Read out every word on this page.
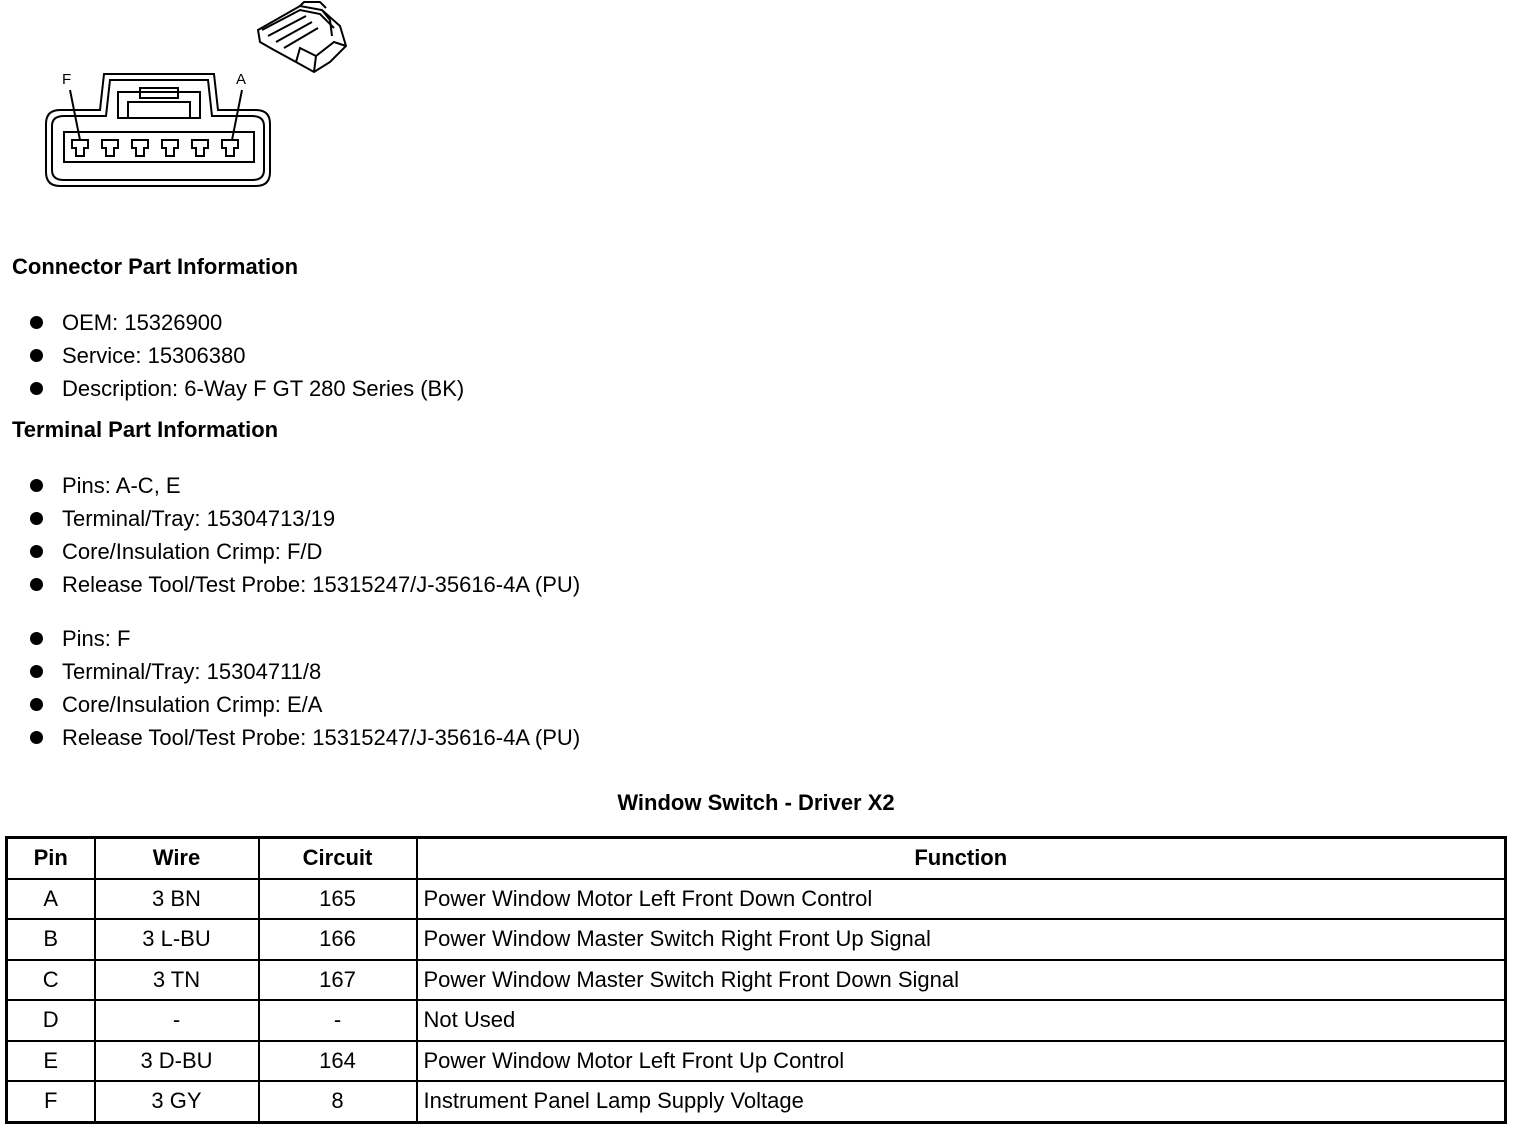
F	A
Connector Part Information
OEM: 15326900
Service: 15306380
Description: 6-Way F GT 280 Series (BK)
Terminal Part Information
Pins: A-C, E
Terminal/Tray: 15304713/19
Core/Insulation Crimp: F/D
Release Tool/Test Probe: 15315247/J-35616-4A (PU)
Pins: F
Terminal/Tray: 15304711/8
Core/Insulation Crimp: E/A
Release Tool/Test Probe: 15315247/J-35616-4A (PU)
Window Switch - Driver X2
Pin	Wire	Circuit	Function
A	3 BN	165	Power Window Motor Left Front Down Control
B	3 L-BU	166	Power Window Master Switch Right Front Up Signal
C	3 TN	167	Power Window Master Switch Right Front Down Signal
D	-	-	Not Used
E	3 D-BU	164	Power Window Motor Left Front Up Control
F	3 GY	8	Instrument Panel Lamp Supply Voltage
